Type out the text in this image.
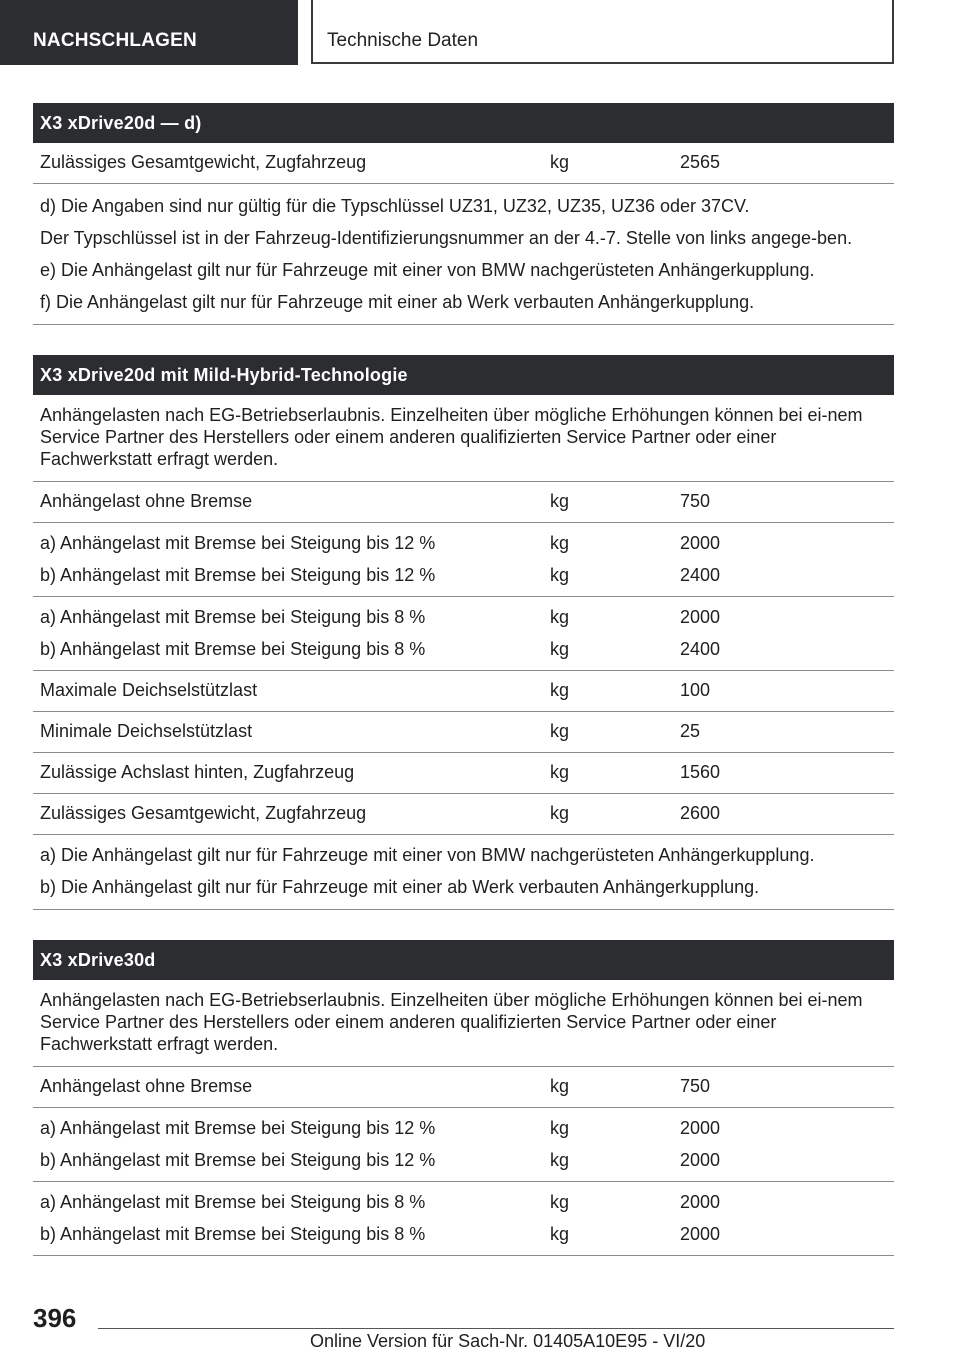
NACHSCHLAGEN	Technische Daten
X3 xDrive20d — d)
Zulässiges Gesamtgewicht, Zugfahrzeug	kg	2565
d) Die Angaben sind nur gültig für die Typschlüssel UZ31, UZ32, UZ35, UZ36 oder 37CV.
Der Typschlüssel ist in der Fahrzeug-Identifizierungsnummer an der 4.-7. Stelle von links angege-ben.
e) Die Anhängelast gilt nur für Fahrzeuge mit einer von BMW nachgerüsteten Anhängerkupplung.
f) Die Anhängelast gilt nur für Fahrzeuge mit einer ab Werk verbauten Anhängerkupplung.
X3 xDrive20d mit Mild-Hybrid-Technologie
Anhängelasten nach EG-Betriebserlaubnis. Einzelheiten über mögliche Erhöhungen können bei ei-nem Service Partner des Herstellers oder einem anderen qualifizierten Service Partner oder einer Fachwerkstatt erfragt werden.
Anhängelast ohne Bremse	kg	750
a) Anhängelast mit Bremse bei Steigung bis 12 %	kg	2000
b) Anhängelast mit Bremse bei Steigung bis 12 %	kg	2400
a) Anhängelast mit Bremse bei Steigung bis 8 %	kg	2000
b) Anhängelast mit Bremse bei Steigung bis 8 %	kg	2400
Maximale Deichselstützlast	kg	100
Minimale Deichselstützlast	kg	25
Zulässige Achslast hinten, Zugfahrzeug	kg	1560
Zulässiges Gesamtgewicht, Zugfahrzeug	kg	2600
a) Die Anhängelast gilt nur für Fahrzeuge mit einer von BMW nachgerüsteten Anhängerkupplung.
b) Die Anhängelast gilt nur für Fahrzeuge mit einer ab Werk verbauten Anhängerkupplung.
X3 xDrive30d
Anhängelasten nach EG-Betriebserlaubnis. Einzelheiten über mögliche Erhöhungen können bei ei-nem Service Partner des Herstellers oder einem anderen qualifizierten Service Partner oder einer Fachwerkstatt erfragt werden.
Anhängelast ohne Bremse	kg	750
a) Anhängelast mit Bremse bei Steigung bis 12 %	kg	2000
b) Anhängelast mit Bremse bei Steigung bis 12 %	kg	2000
a) Anhängelast mit Bremse bei Steigung bis 8 %	kg	2000
b) Anhängelast mit Bremse bei Steigung bis 8 %	kg	2000
396
Online Version für Sach-Nr. 01405A10E95 - VI/20
